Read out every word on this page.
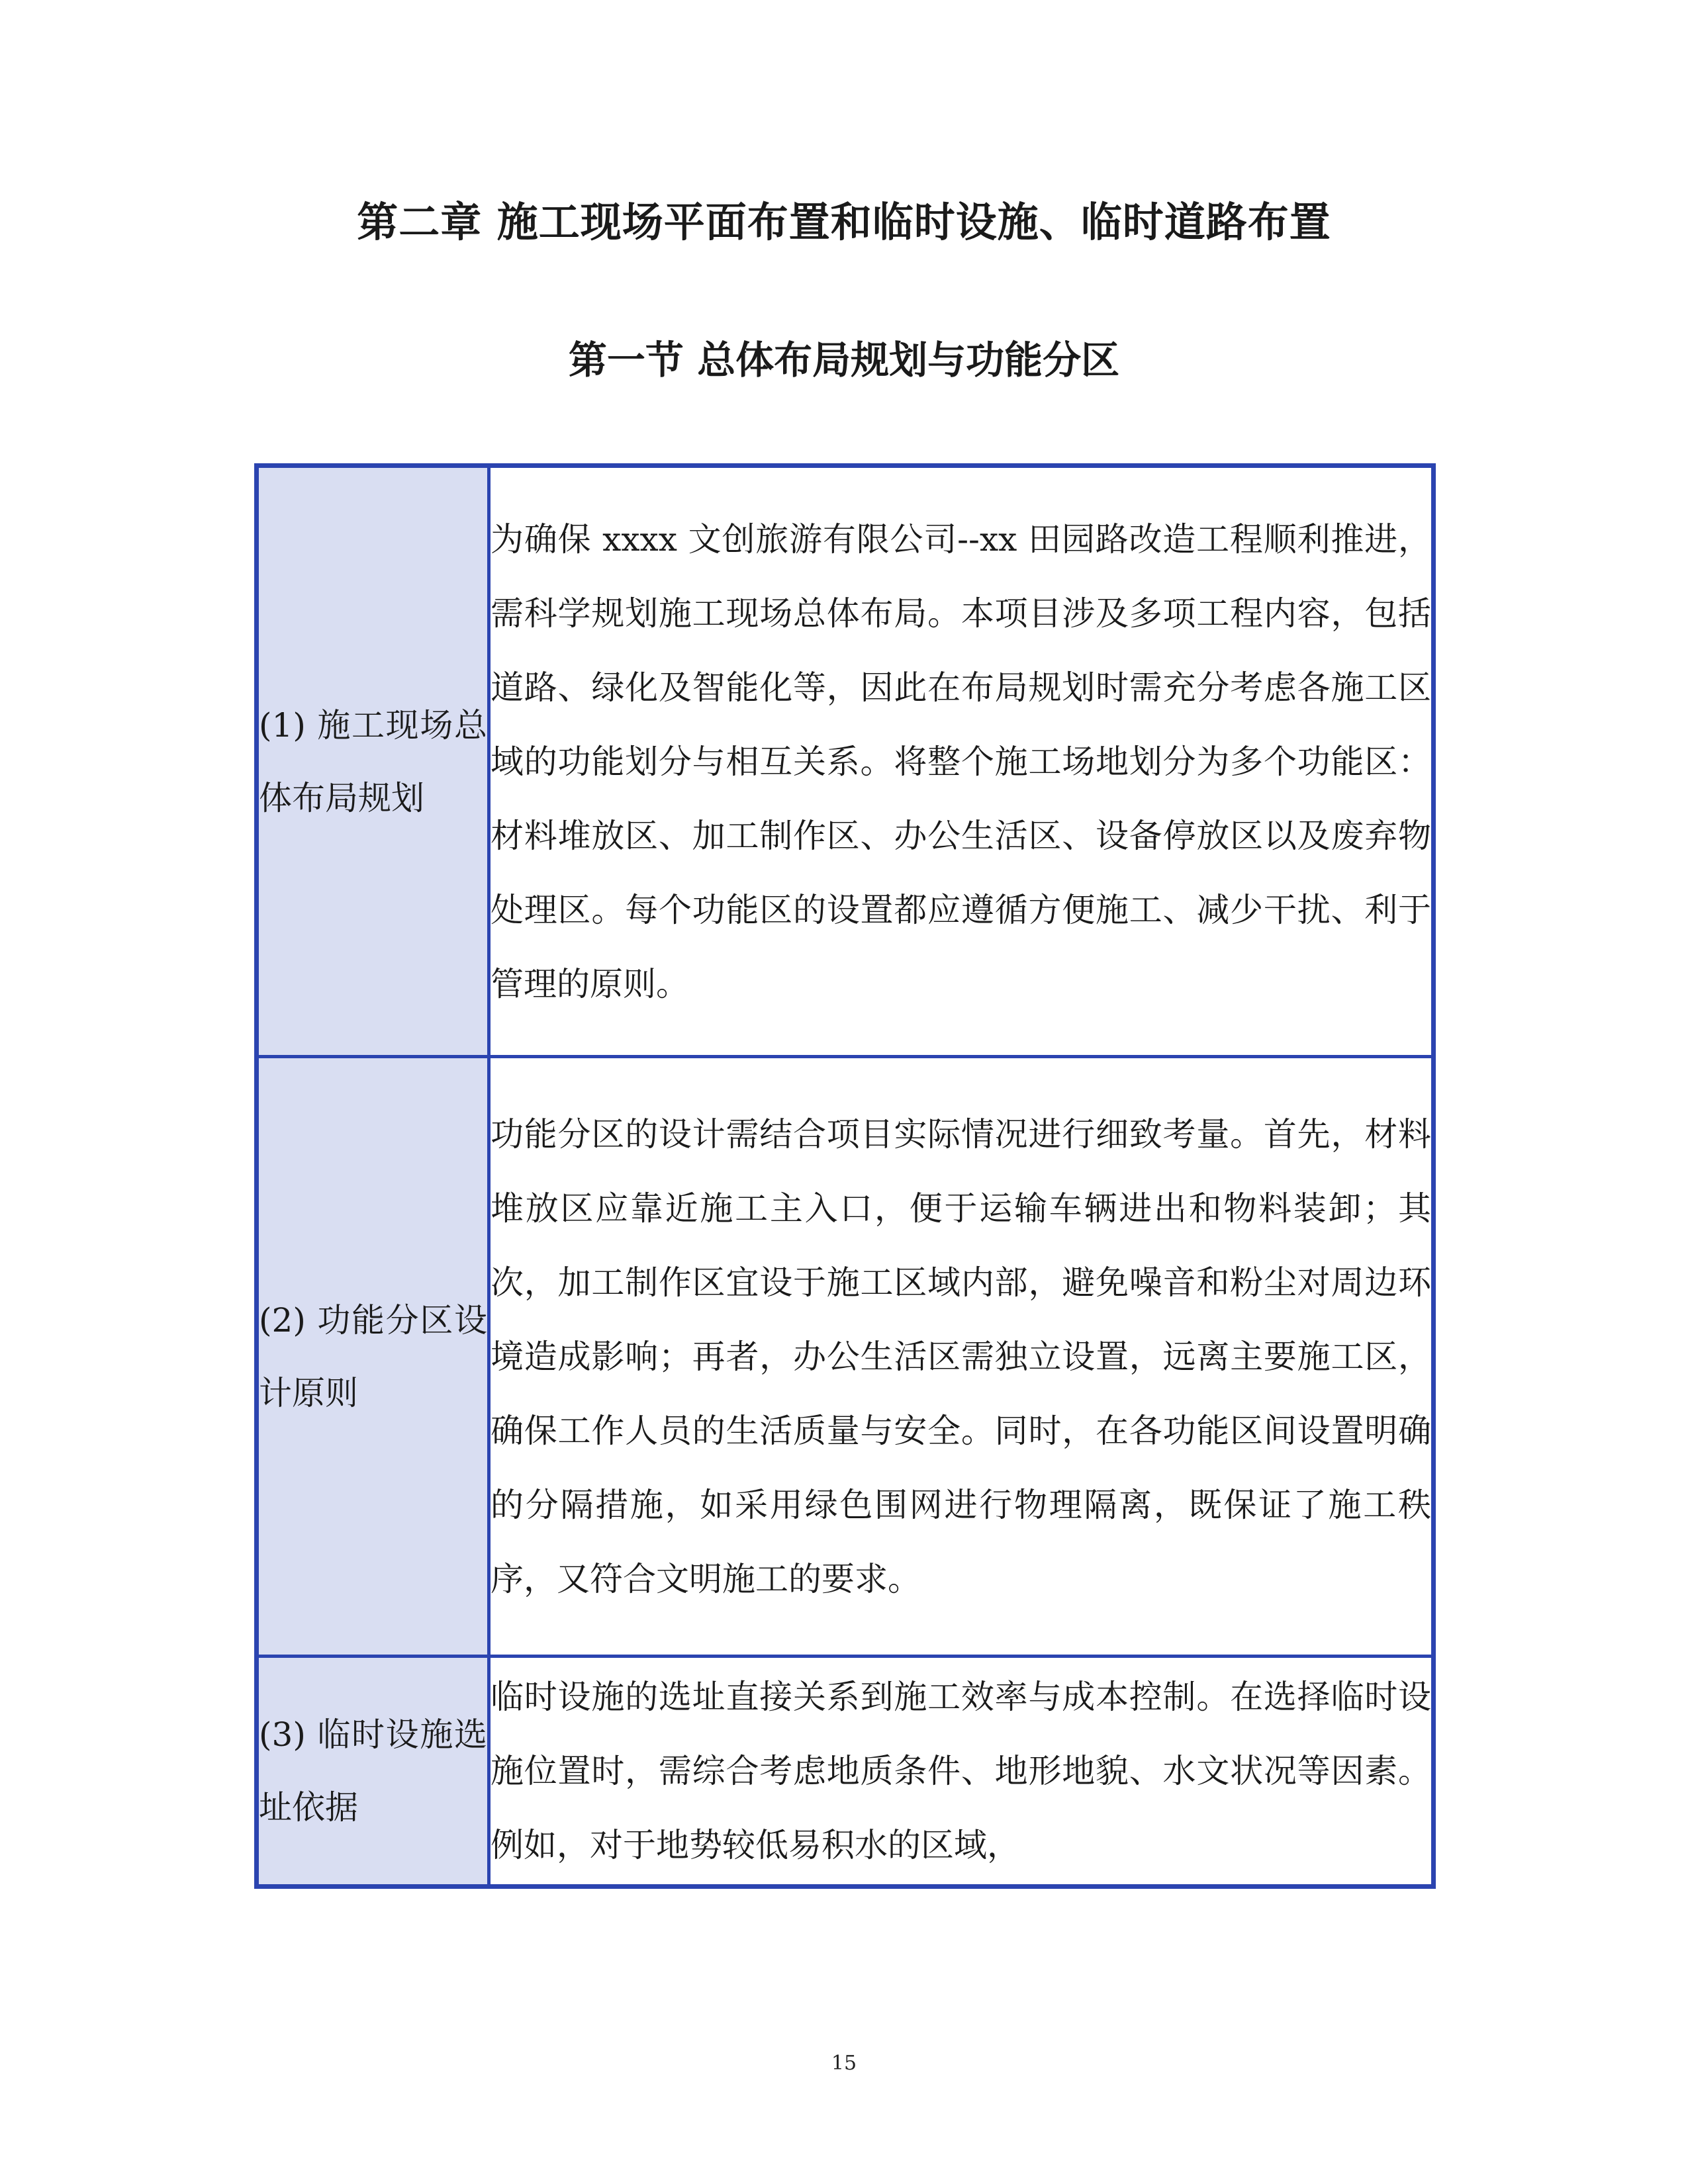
第二章 施工现场平面布置和临时设施、临时道路布置
第一节 总体布局规划与功能分区
(1) 施工现场总体布局规划	为确保 xxxx 文创旅游有限公司--xx 田园路改造工程顺利推进，需科学规划施工现场总体布局。本项目涉及多项工程内容，包括道路、绿化及智能化等，因此在布局规划时需充分考虑各施工区域的功能划分与相互关系。将整个施工场地划分为多个功能区：材料堆放区、加工制作区、办公生活区、设备停放区以及废弃物处理区。每个功能区的设置都应遵循方便施工、减少干扰、利于管理的原则。
(2) 功能分区设计原则	功能分区的设计需结合项目实际情况进行细致考量。首先，材料堆放区应靠近施工主入口，便于运输车辆进出和物料装卸；其次，加工制作区宜设于施工区域内部，避免噪音和粉尘对周边环境造成影响；再者，办公生活区需独立设置，远离主要施工区，确保工作人员的生活质量与安全。同时，在各功能区间设置明确的分隔措施，如采用绿色围网进行物理隔离，既保证了施工秩序，又符合文明施工的要求。
(3) 临时设施选址依据	临时设施的选址直接关系到施工效率与成本控制。在选择临时设施位置时，需综合考虑地质条件、地形地貌、水文状况等因素。例如，对于地势较低易积水的区域，
15
